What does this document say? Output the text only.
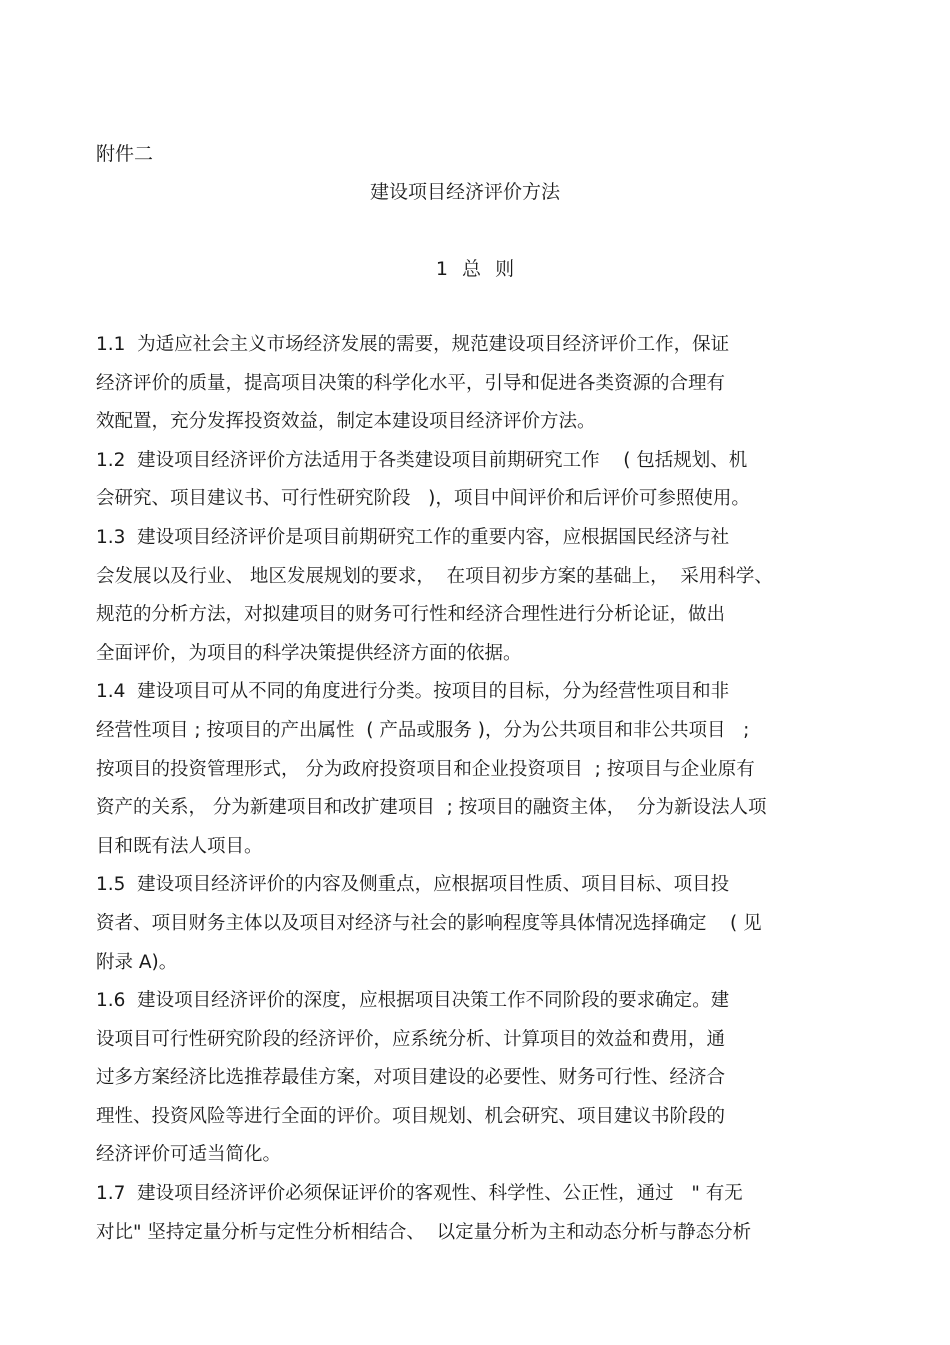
附件二
建设项目经济评价方法
1 总 则
1.1  为适应社会主义市场经济发展的需要，规范建设项目经济评价工作，保证
经济评价的质量，提高项目决策的科学化水平，引导和促进各类资源的合理有
效配置，充分发挥投资效益，制定本建设项目经济评价方法。
1.2  建设项目经济评价方法适用于各类建设项目前期研究工作    ( 包括规划、机
会研究、项目建议书、可行性研究阶段   )，项目中间评价和后评价可参照使用。
1.3  建设项目经济评价是项目前期研究工作的重要内容，应根据国民经济与社
会发展以及行业、 地区发展规划的要求，  在项目初步方案的基础上，  采用科学、
规范的分析方法，对拟建项目的财务可行性和经济合理性进行分析论证，做出
全面评价，为项目的科学决策提供经济方面的依据。
1.4  建设项目可从不同的角度进行分类。按项目的目标，分为经营性项目和非
经营性项目 ; 按项目的产出属性  ( 产品或服务 )，分为公共项目和非公共项目   ;
按项目的投资管理形式， 分为政府投资项目和企业投资项目  ; 按项目与企业原有
资产的关系， 分为新建项目和改扩建项目  ; 按项目的融资主体，  分为新设法人项
目和既有法人项目。
1.5  建设项目经济评价的内容及侧重点，应根据项目性质、项目目标、项目投
资者、项目财务主体以及项目对经济与社会的影响程度等具体情况选择确定    ( 见
附录 A)。
1.6  建设项目经济评价的深度，应根据项目决策工作不同阶段的要求确定。建
设项目可行性研究阶段的经济评价，应系统分析、计算项目的效益和费用，通
过多方案经济比选推荐最佳方案，对项目建设的必要性、财务可行性、经济合
理性、投资风险等进行全面的评价。项目规划、机会研究、项目建议书阶段的
经济评价可适当简化。
1.7  建设项目经济评价必须保证评价的客观性、科学性、公正性，通过   " 有无
对比" 坚持定量分析与定性分析相结合、  以定量分析为主和动态分析与静态分析
